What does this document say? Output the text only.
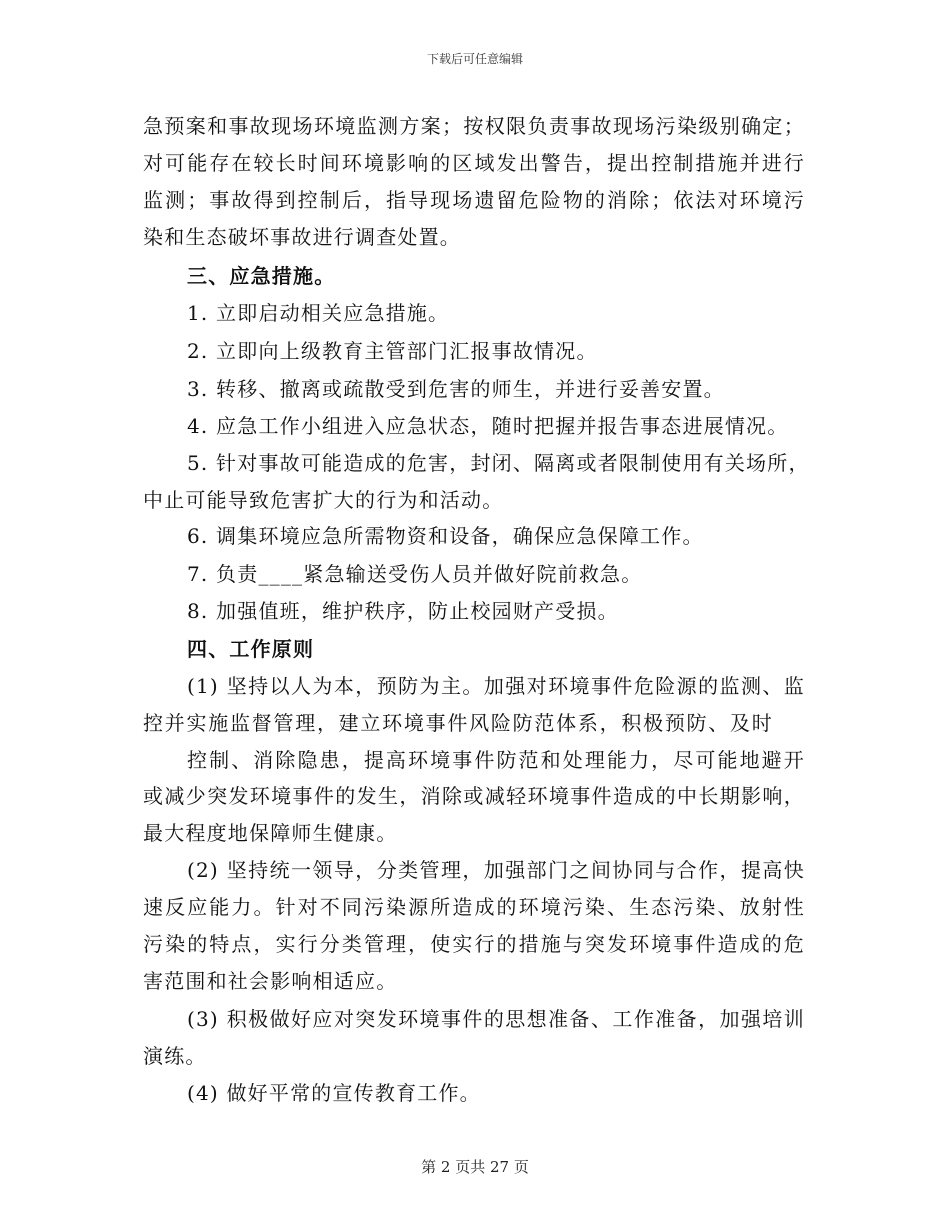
下载后可任意编辑
急预案和事故现场环境监测方案；按权限负责事故现场污染级别确定；
对可能存在较长时间环境影响的区域发出警告，提出控制措施并进行
监测；事故得到控制后，指导现场遗留危险物的消除；依法对环境污
染和生态破坏事故进行调查处置。
三、应急措施。
1. 立即启动相关应急措施。
2. 立即向上级教育主管部门汇报事故情况。
3. 转移、撤离或疏散受到危害的师生，并进行妥善安置。
4. 应急工作小组进入应急状态，随时把握并报告事态进展情况。
5. 针对事故可能造成的危害，封闭、隔离或者限制使用有关场所，
中止可能导致危害扩大的行为和活动。
6. 调集环境应急所需物资和设备，确保应急保障工作。
7. 负责____紧急输送受伤人员并做好院前救急。
8. 加强值班，维护秩序，防止校园财产受损。
四、工作原则
(1) 坚持以人为本，预防为主。加强对环境事件危险源的监测、监
控并实施监督管理，建立环境事件风险防范体系，积极预防、及时
控制、消除隐患，提高环境事件防范和处理能力，尽可能地避开
或减少突发环境事件的发生，消除或减轻环境事件造成的中长期影响，
最大程度地保障师生健康。
(2) 坚持统一领导，分类管理，加强部门之间协同与合作，提高快
速反应能力。针对不同污染源所造成的环境污染、生态污染、放射性
污染的特点，实行分类管理，使实行的措施与突发环境事件造成的危
害范围和社会影响相适应。
(3) 积极做好应对突发环境事件的思想准备、工作准备，加强培训
演练。
(4) 做好平常的宣传教育工作。
第 2 页共 27 页
